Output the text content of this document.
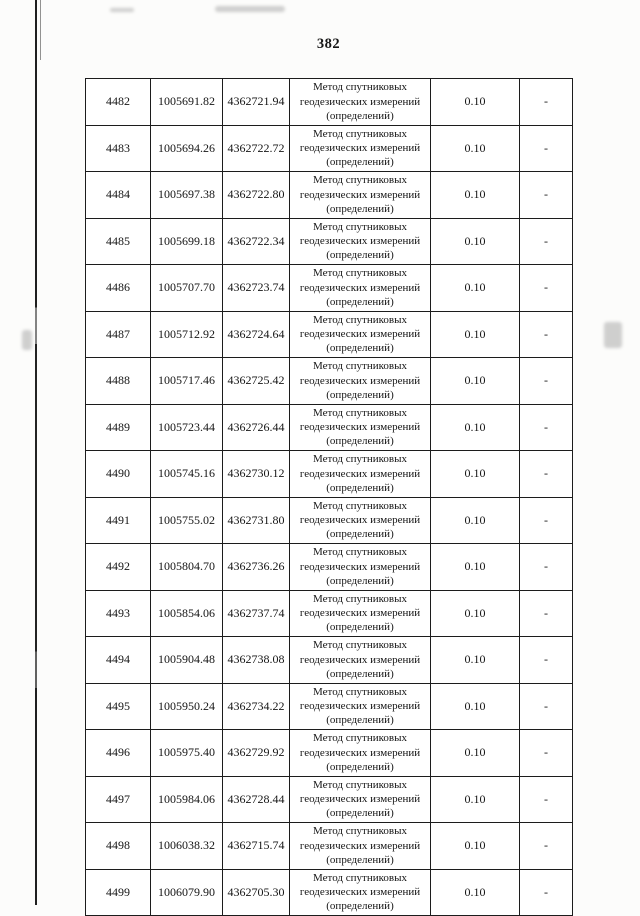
382
4482	1005691.82	4362721.94	Метод спутниковых геодезических измерений (определений)	0.10	-
4483	1005694.26	4362722.72	Метод спутниковых геодезических измерений (определений)	0.10	-
4484	1005697.38	4362722.80	Метод спутниковых геодезических измерений (определений)	0.10	-
4485	1005699.18	4362722.34	Метод спутниковых геодезических измерений (определений)	0.10	-
4486	1005707.70	4362723.74	Метод спутниковых геодезических измерений (определений)	0.10	-
4487	1005712.92	4362724.64	Метод спутниковых геодезических измерений (определений)	0.10	-
4488	1005717.46	4362725.42	Метод спутниковых геодезических измерений (определений)	0.10	-
4489	1005723.44	4362726.44	Метод спутниковых геодезических измерений (определений)	0.10	-
4490	1005745.16	4362730.12	Метод спутниковых геодезических измерений (определений)	0.10	-
4491	1005755.02	4362731.80	Метод спутниковых геодезических измерений (определений)	0.10	-
4492	1005804.70	4362736.26	Метод спутниковых геодезических измерений (определений)	0.10	-
4493	1005854.06	4362737.74	Метод спутниковых геодезических измерений (определений)	0.10	-
4494	1005904.48	4362738.08	Метод спутниковых геодезических измерений (определений)	0.10	-
4495	1005950.24	4362734.22	Метод спутниковых геодезических измерений (определений)	0.10	-
4496	1005975.40	4362729.92	Метод спутниковых геодезических измерений (определений)	0.10	-
4497	1005984.06	4362728.44	Метод спутниковых геодезических измерений (определений)	0.10	-
4498	1006038.32	4362715.74	Метод спутниковых геодезических измерений (определений)	0.10	-
4499	1006079.90	4362705.30	Метод спутниковых геодезических измерений (определений)	0.10	-
